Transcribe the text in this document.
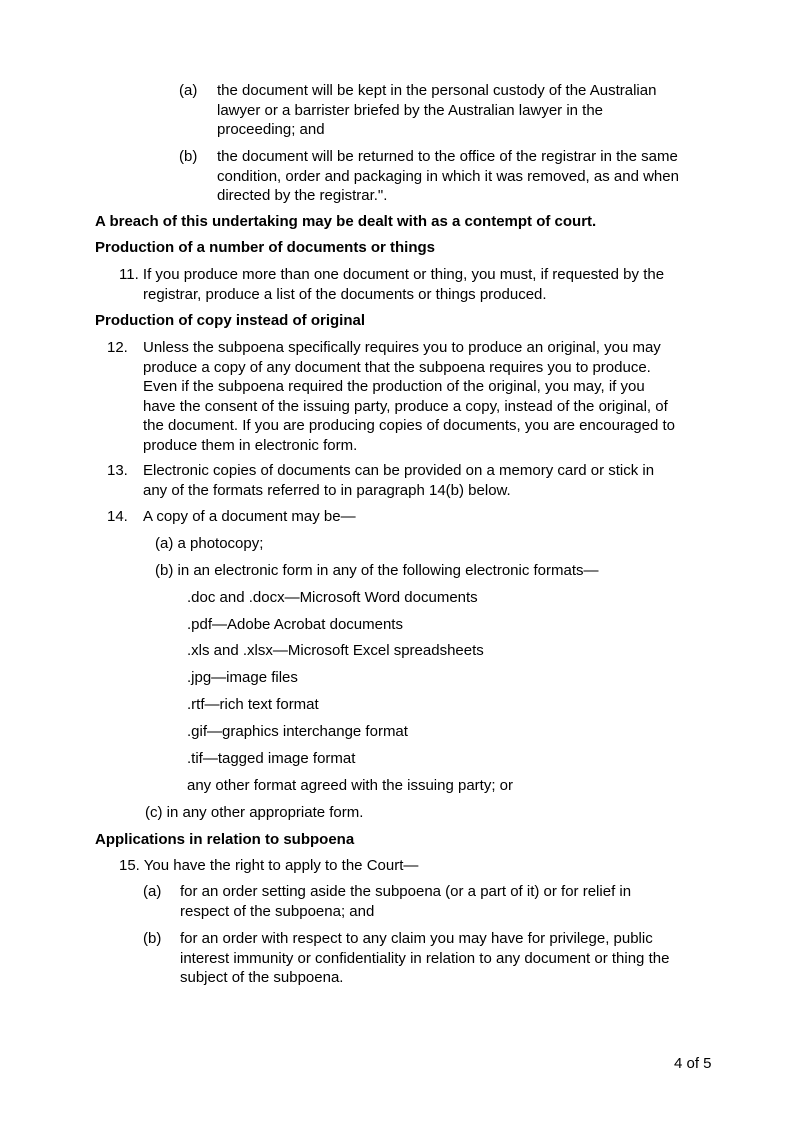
(a) the document will be kept in the personal custody of the Australian
lawyer or a barrister briefed by the Australian lawyer in the
proceeding; and
(b) the document will be returned to the office of the registrar in the same
condition, order and packaging in which it was removed, as and when
directed by the registrar.".
A breach of this undertaking may be dealt with as a contempt of court.
Production of a number of documents or things
11. If you produce more than one document or thing, you must, if requested by the
registrar, produce a list of the documents or things produced.
Production of copy instead of original
12. Unless the subpoena specifically requires you to produce an original, you may
produce a copy of any document that the subpoena requires you to produce.
Even if the subpoena required the production of the original, you may, if you
have the consent of the issuing party, produce a copy, instead of the original, of
the document. If you are producing copies of documents, you are encouraged to
produce them in electronic form.
13. Electronic copies of documents can be provided on a memory card or stick in
any of the formats referred to in paragraph 14(b) below.
14. A copy of a document may be—
(a) a photocopy;
(b) in an electronic form in any of the following electronic formats—
.doc and .docx—Microsoft Word documents
.pdf—Adobe Acrobat documents
.xls and .xlsx—Microsoft Excel spreadsheets
.jpg—image files
.rtf—rich text format
.gif—graphics interchange format
.tif—tagged image format
any other format agreed with the issuing party; or
(c) in any other appropriate form.
Applications in relation to subpoena
15. You have the right to apply to the Court—
(a) for an order setting aside the subpoena (or a part of it) or for relief in
respect of the subpoena; and
(b) for an order with respect to any claim you may have for privilege, public
interest immunity or confidentiality in relation to any document or thing the
subject of the subpoena.
4 of 5
